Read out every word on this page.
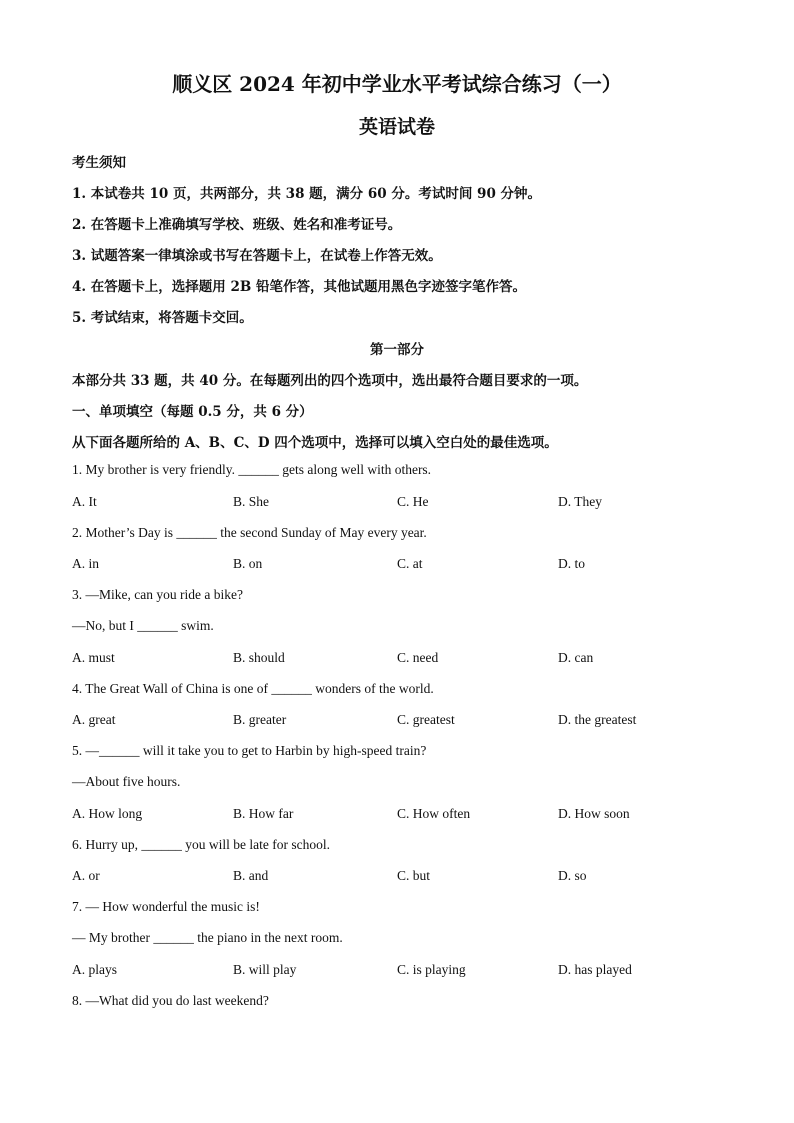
顺义区 2024 年初中学业水平考试综合练习（一）
英语试卷
考生须知
1. 本试卷共 10 页，共两部分，共 38 题，满分 60 分。考试时间 90 分钟。
2. 在答题卡上准确填写学校、班级、姓名和准考证号。
3. 试题答案一律填涂或书写在答题卡上，在试卷上作答无效。
4. 在答题卡上，选择题用 2B 铅笔作答，其他试题用黑色字迹签字笔作答。
5. 考试结束，将答题卡交回。
第一部分
本部分共 33 题，共 40 分。在每题列出的四个选项中，选出最符合题目要求的一项。
一、单项填空（每题 0.5 分，共 6 分）
从下面各题所给的 A、B、C、D 四个选项中，选择可以填入空白处的最佳选项。
1. My brother is very friendly. ______ gets along well with others.
A. It	B. She	C. He	D. They
2. Mother’s Day is ______ the second Sunday of May every year.
A. in	B. on	C. at	D. to
3. —Mike, can you ride a bike?
—No, but I ______ swim.
A. must	B. should	C. need	D. can
4. The Great Wall of China is one of ______ wonders of the world.
A. great	B. greater	C. greatest	D. the greatest
5. —______ will it take you to get to Harbin by high-speed train?
—About five hours.
A. How long	B. How far	C. How often	D. How soon
6. Hurry up, ______ you will be late for school.
A. or	B. and	C. but	D. so
7. — How wonderful the music is!
— My brother ______ the piano in the next room.
A. plays	B. will play	C. is playing	D. has played
8. —What did you do last weekend?
